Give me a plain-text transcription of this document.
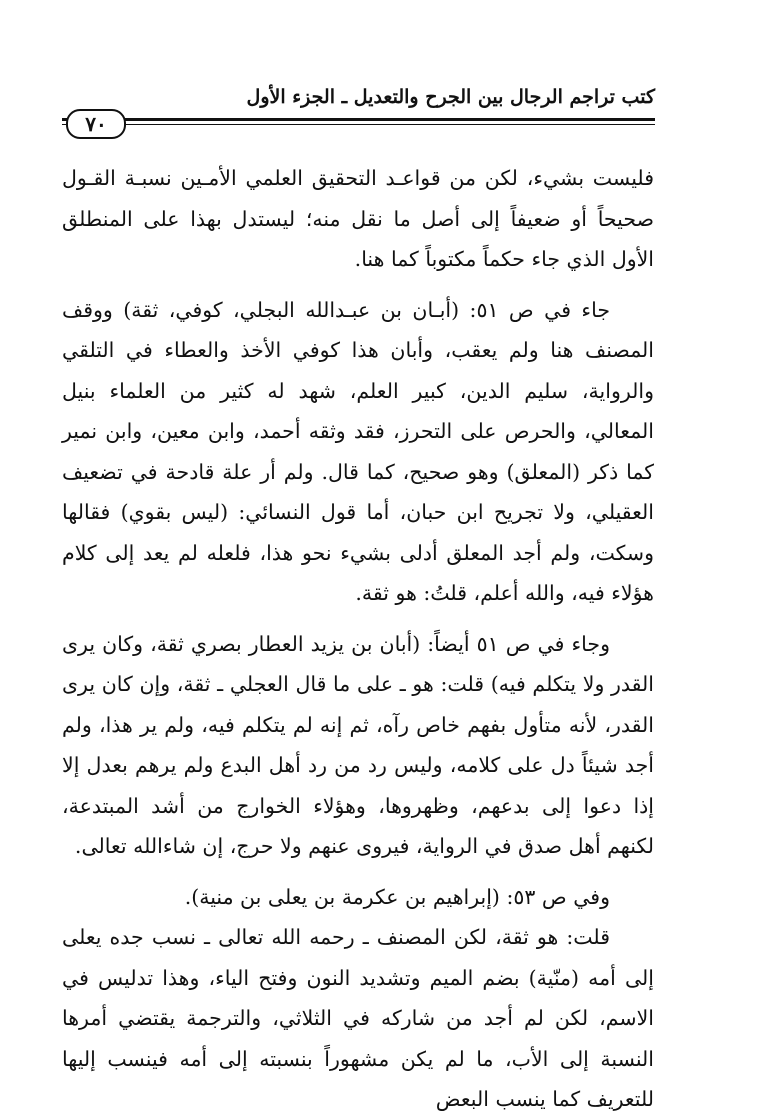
كتب تراجم الرجال بين الجرح والتعديل ـ الجزء الأول
٧٠

فليست بشيء، لكن من قواعـد التحقيق العلمي الأمـين نسبـة القـول صحيحاً أو ضعيفاً إلى أصل ما نقل منه؛ ليستدل بهذا على المنطلق الأول الذي جاء حكماً مكتوباً كما هنا.

جاء في ص ٥١: (أبـان بن عبـدالله البجلي، كوفي، ثقة) ووقف المصنف هنا ولم يعقب، وأبان هذا كوفي الأخذ والعطاء في التلقي والرواية، سليم الدين، كبير العلم، شهد له كثير من العلماء بنيل المعالي، والحرص على التحرز، فقد وثقه أحمد، وابن معين، وابن نمير كما ذكر (المعلق) وهو صحيح، كما قال. ولم أر علة قادحة في تضعيف العقيلي، ولا تجريح ابن حبان، أما قول النسائي: (ليس بقوي) فقالها وسكت، ولم أجد المعلق أدلى بشيء نحو هذا، فلعله لم يعد إلى كلام هؤلاء فيه، والله أعلم، قلتُ: هو ثقة.

وجاء في ص ٥١ أيضاً: (أبان بن يزيد العطار بصري ثقة، وكان يرى القدر ولا يتكلم فيه) قلت: هو ـ على ما قال العجلي ـ ثقة، وإن كان يرى القدر، لأنه متأول بفهم خاص رآه، ثم إنه لم يتكلم فيه، ولم ير هذا، ولم أجد شيئاً دل على كلامه، وليس رد من رد أهل البدع ولم يرهم بعدل إلا إذا دعوا إلى بدعهم، وظهروها، وهؤلاء الخوارج من أشد المبتدعة، لكنهم أهل صدق في الرواية، فيروى عنهم ولا حرج، إن شاءالله تعالى.

وفي ص ٥٣: (إبراهيم بن عكرمة بن يعلى بن منية).

قلت: هو ثقة، لكن المصنف ـ رحمه الله تعالى ـ نسب جده يعلى إلى أمه (منّية) بضم الميم وتشديد النون وفتح الياء، وهذا تدليس في الاسم، لكن لم أجد من شاركه في الثلاثي، والترجمة يقتضي أمرها النسبة إلى الأب، ما لم يكن مشهوراً بنسبته إلى أمه فينسب إليها للتعريف كما ينسب البعض
